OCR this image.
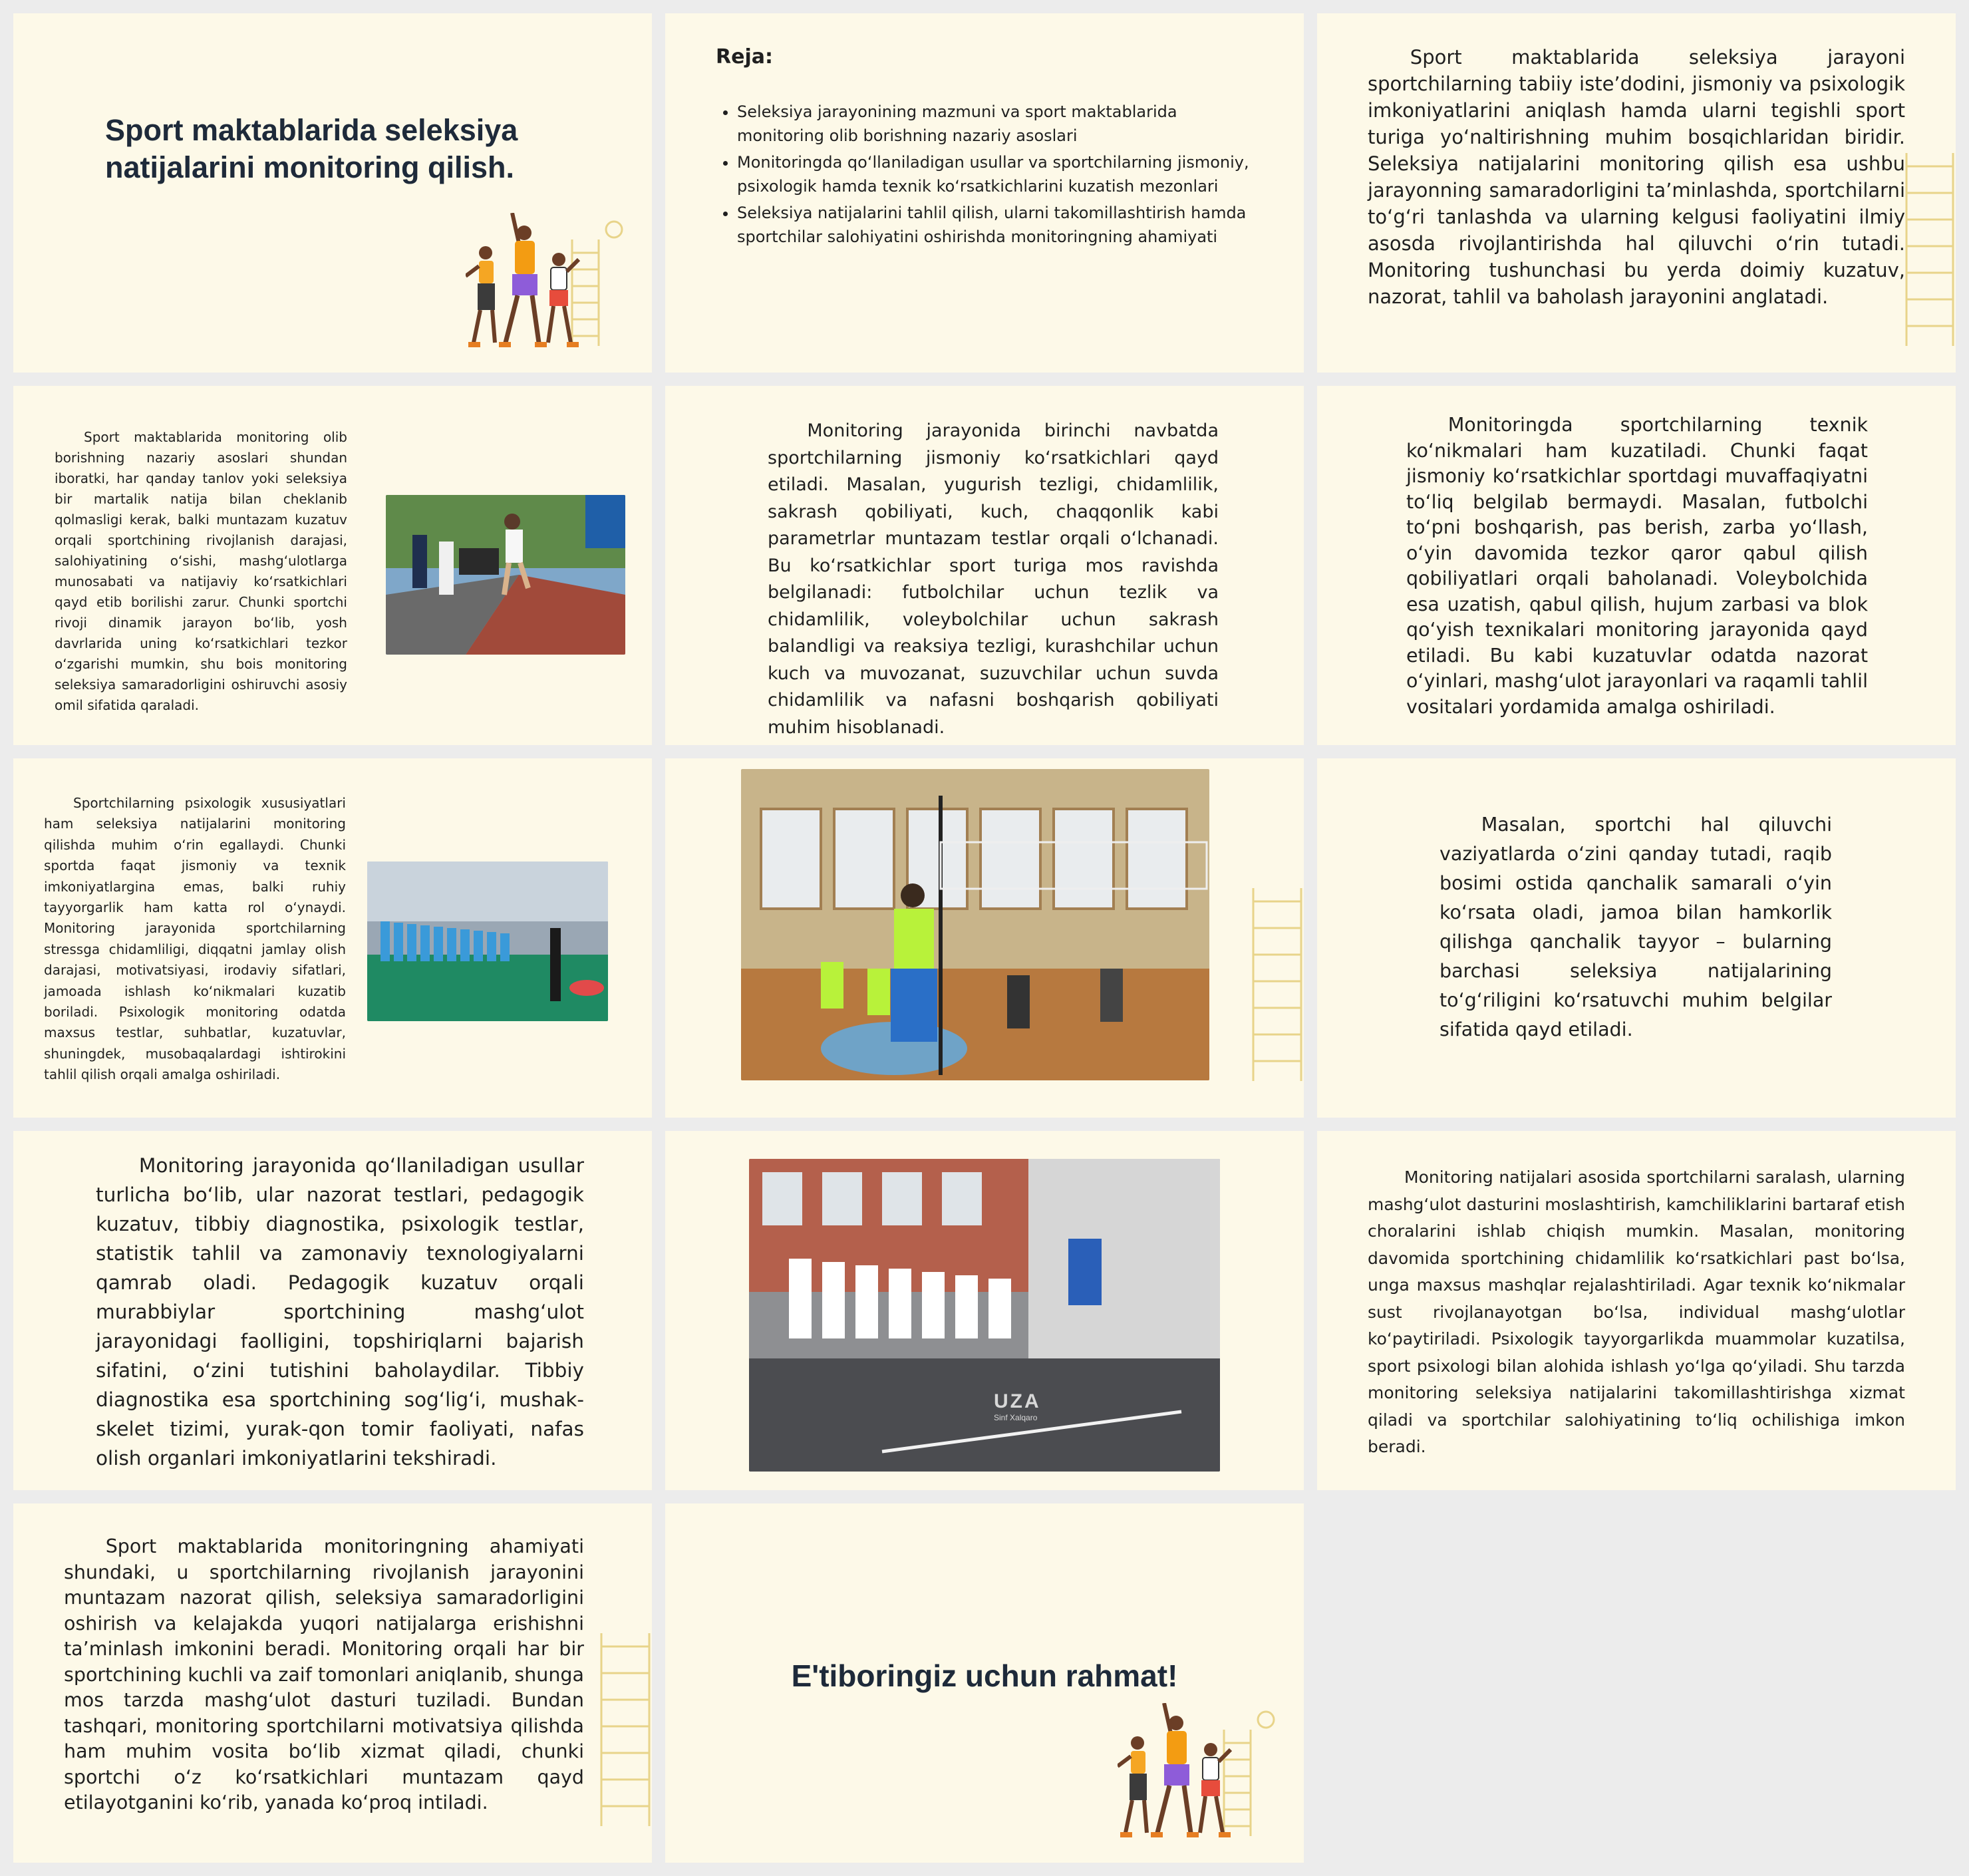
Sport maktablarida seleksiya natijalarini monitoring qilish.
Reja:
• Seleksiya jarayonining mazmuni va sport maktablarida monitoring olib borishning nazariy asoslari
• Monitoringda qo‘llaniladigan usullar va sportchilarning jismoniy, psixologik hamda texnik ko‘rsatkichlarini kuzatish mezonlari
• Seleksiya natijalarini tahlil qilish, ularni takomillashtirish hamda sportchilar salohiyatini oshirishda monitoringning ahamiyati

Sport maktablarida seleksiya jarayoni sportchilarning tabiiy iste’dodini, jismoniy va psixologik imkoniyatlarini aniqlash hamda ularni tegishli sport turiga yo‘naltirishning muhim bosqichlaridan biridir. Seleksiya natijalarini monitoring qilish esa ushbu jarayonning samaradorligini ta’minlashda, sportchilarni to‘g‘ri tanlashda va ularning kelgusi faoliyatini ilmiy asosda rivojlantirishda hal qiluvchi o‘rin tutadi. Monitoring tushunchasi bu yerda doimiy kuzatuv, nazorat, tahlil va baholash jarayonini anglatadi.

Sport maktablarida monitoring olib borishning nazariy asoslari shundan iboratki, har qanday tanlov yoki seleksiya bir martalik natija bilan cheklanib qolmasligi kerak, balki muntazam kuzatuv orqali sportchining rivojlanish darajasi, salohiyatining o‘sishi, mashg‘ulotlarga munosabati va natijaviy ko‘rsatkichlari qayd etib borilishi zarur. Chunki sportchi rivoji dinamik jarayon bo‘lib, yosh davrlarida uning ko‘rsatkichlari tezkor o‘zgarishi mumkin, shu bois monitoring seleksiya samaradorligini oshiruvchi asosiy omil sifatida qaraladi.

Monitoring jarayonida birinchi navbatda sportchilarning jismoniy ko‘rsatkichlari qayd etiladi. Masalan, yugurish tezligi, chidamlilik, sakrash qobiliyati, kuch, chaqqonlik kabi parametrlar muntazam testlar orqali o‘lchanadi. Bu ko‘rsatkichlar sport turiga mos ravishda belgilanadi: futbolchilar uchun tezlik va chidamlilik, voleybolchilar uchun sakrash balandligi va reaksiya tezligi, kurashchilar uchun kuch va muvozanat, suzuvchilar uchun suvda chidamlilik va nafasni boshqarish qobiliyati muhim hisoblanadi.

Monitoringda sportchilarning texnik ko‘nikmalari ham kuzatiladi. Chunki faqat jismoniy ko‘rsatkichlar sportdagi muvaffaqiyatni to‘liq belgilab bermaydi. Masalan, futbolchi to‘pni boshqarish, pas berish, zarba yo‘llash, o‘yin davomida tezkor qaror qabul qilish qobiliyatlari orqali baholanadi. Voleybolchida esa uzatish, qabul qilish, hujum zarbasi va blok qo‘yish texnikalari monitoring jarayonida qayd etiladi. Bu kabi kuzatuvlar odatda nazorat o‘yinlari, mashg‘ulot jarayonlari va raqamli tahlil vositalari yordamida amalga oshiriladi.

Sportchilarning psixologik xususiyatlari ham seleksiya natijalarini monitoring qilishda muhim o‘rin egallaydi. Chunki sportda faqat jismoniy va texnik imkoniyatlargina emas, balki ruhiy tayyorgarlik ham katta rol o‘ynaydi. Monitoring jarayonida sportchilarning stressga chidamliligi, diqqatni jamlay olish darajasi, motivatsiyasi, irodaviy sifatlari, jamoada ishlash ko‘nikmalari kuzatib boriladi. Psixologik monitoring odatda maxsus testlar, suhbatlar, kuzatuvlar, shuningdek, musobaqalardagi ishtirokini tahlil qilish orqali amalga oshiriladi.

Masalan, sportchi hal qiluvchi vaziyatlarda o‘zini qanday tutadi, raqib bosimi ostida qanchalik samarali o‘yin ko‘rsata oladi, jamoa bilan hamkorlik qilishga qanchalik tayyor – bularning barchasi seleksiya natijalarining to‘g‘riligini ko‘rsatuvchi muhim belgilar sifatida qayd etiladi.

Monitoring jarayonida qo‘llaniladigan usullar turlicha bo‘lib, ular nazorat testlari, pedagogik kuzatuv, tibbiy diagnostika, psixologik testlar, statistik tahlil va zamonaviy texnologiyalarni qamrab oladi. Pedagogik kuzatuv orqali murabbiylar sportchining mashg‘ulot jarayonidagi faolligini, topshiriqlarni bajarish sifatini, o‘zini tutishini baholaydilar. Tibbiy diagnostika esa sportchining sog‘lig‘i, mushak-skelet tizimi, yurak-qon tomir faoliyati, nafas olish organlari imkoniyatlarini tekshiradi.

UZA
Sinf Xalqaro

Monitoring natijalari asosida sportchilarni saralash, ularning mashg‘ulot dasturini moslashtirish, kamchiliklarini bartaraf etish choralarini ishlab chiqish mumkin. Masalan, monitoring davomida sportchining chidamlilik ko‘rsatkichlari past bo‘lsa, unga maxsus mashqlar rejalashtiriladi. Agar texnik ko‘nikmalar sust rivojlanayotgan bo‘lsa, individual mashg‘ulotlar ko‘paytiriladi. Psixologik tayyorgarlikda muammolar kuzatilsa, sport psixologi bilan alohida ishlash yo‘lga qo‘yiladi. Shu tarzda monitoring seleksiya natijalarini takomillashtirishga xizmat qiladi va sportchilar salohiyatining to‘liq ochilishiga imkon beradi.

Sport maktablarida monitoringning ahamiyati shundaki, u sportchilarning rivojlanish jarayonini muntazam nazorat qilish, seleksiya samaradorligini oshirish va kelajakda yuqori natijalarga erishishni ta’minlash imkonini beradi. Monitoring orqali har bir sportchining kuchli va zaif tomonlari aniqlanib, shunga mos tarzda mashg‘ulot dasturi tuziladi. Bundan tashqari, monitoring sportchilarni motivatsiya qilishda ham muhim vosita bo‘lib xizmat qiladi, chunki sportchi o‘z ko‘rsatkichlari muntazam qayd etilayotganini ko‘rib, yanada ko‘proq intiladi.

E'tiboringiz uchun rahmat!
